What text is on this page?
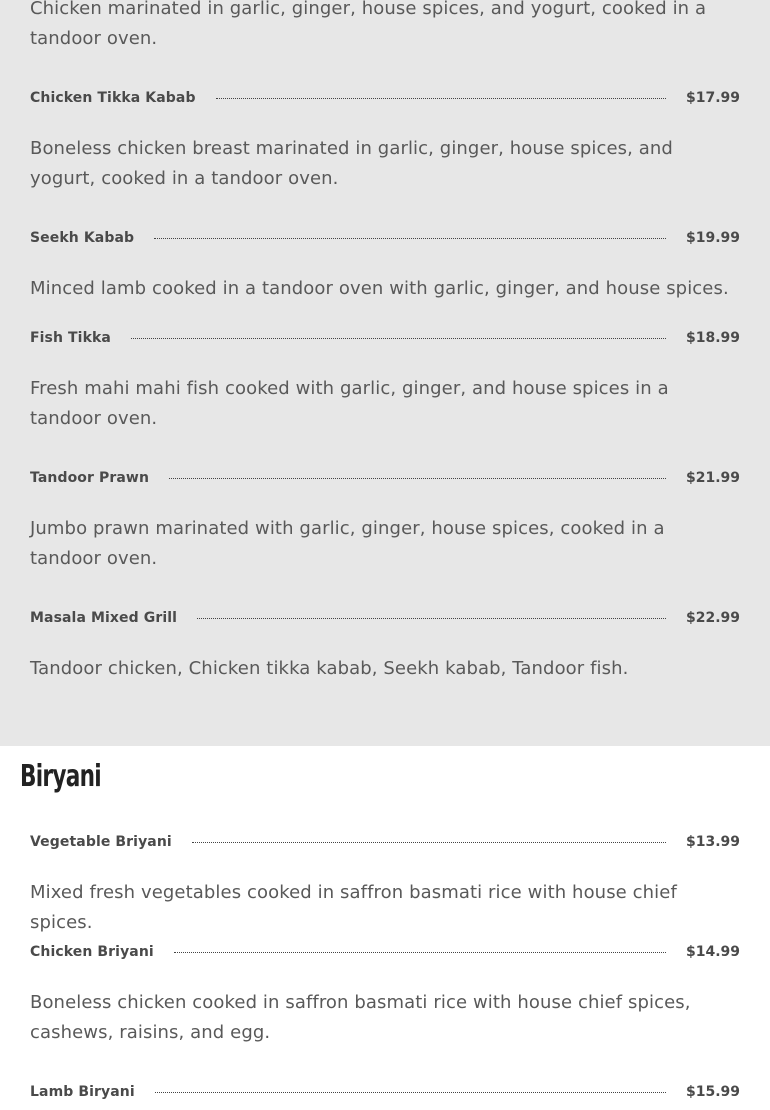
Chicken marinated in garlic, ginger, house spices, and yogurt, cooked in a tandoor oven.

Chicken Tikka Kabab	$17.99

Boneless chicken breast marinated in garlic, ginger, house spices, and yogurt, cooked in a tandoor oven.

Seekh Kabab	$19.99

Minced lamb cooked in a tandoor oven with garlic, ginger, and house spices.

Fish Tikka	$18.99

Fresh mahi mahi fish cooked with garlic, ginger, and house spices in a tandoor oven.

Tandoor Prawn	$21.99

Jumbo prawn marinated with garlic, ginger, house spices, cooked in a tandoor oven.

Masala Mixed Grill	$22.99

Tandoor chicken, Chicken tikka kabab, Seekh kabab, Tandoor fish.

Biryani
Vegetable Briyani	$13.99

Mixed fresh vegetables cooked in saffron basmati rice with house chief spices.

Chicken Briyani	$14.99

Boneless chicken cooked in saffron basmati rice with house chief spices, cashews, raisins, and egg.

Lamb Biryani	$15.99
